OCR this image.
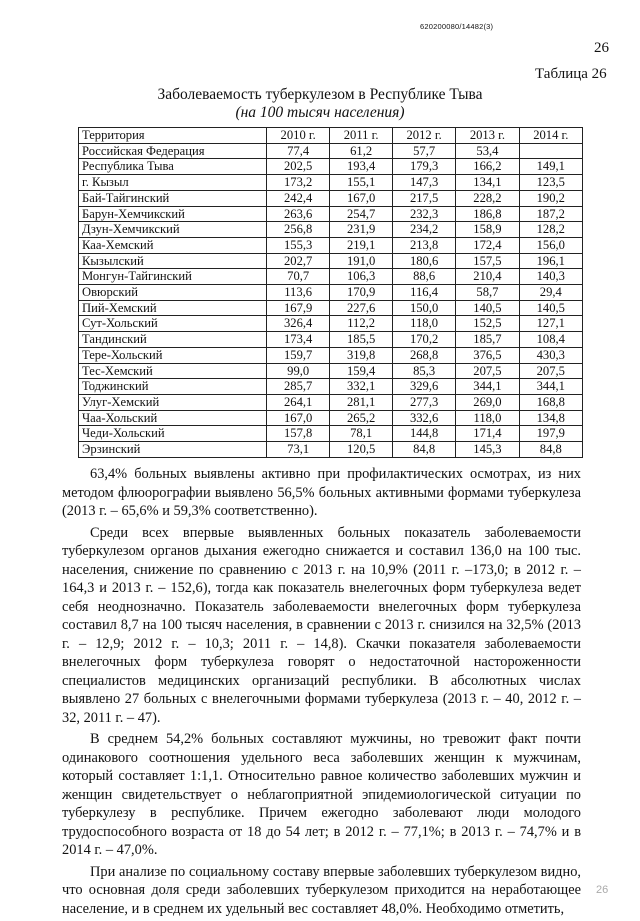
620200080/14482(3)
26
Таблица 26
Заболеваемость туберкулезом в Республике Тыва
(на 100 тысяч населения)
Территория	2010 г.	2011 г.	2012 г.	2013 г.	2014 г.
Российская Федерация	77,4	61,2	57,7	53,4	
Республика Тыва	202,5	193,4	179,3	166,2	149,1
г. Кызыл	173,2	155,1	147,3	134,1	123,5
Бай-Тайгинский	242,4	167,0	217,5	228,2	190,2
Барун-Хемчикский	263,6	254,7	232,3	186,8	187,2
Дзун-Хемчикский	256,8	231,9	234,2	158,9	128,2
Каа-Хемский	155,3	219,1	213,8	172,4	156,0
Кызылский	202,7	191,0	180,6	157,5	196,1
Монгун-Тайгинский	70,7	106,3	88,6	210,4	140,3
Овюрский	113,6	170,9	116,4	58,7	29,4
Пий-Хемский	167,9	227,6	150,0	140,5	140,5
Сут-Хольский	326,4	112,2	118,0	152,5	127,1
Тандинский	173,4	185,5	170,2	185,7	108,4
Тере-Хольский	159,7	319,8	268,8	376,5	430,3
Тес-Хемский	99,0	159,4	85,3	207,5	207,5
Тоджинский	285,7	332,1	329,6	344,1	344,1
Улуг-Хемский	264,1	281,1	277,3	269,0	168,8
Чаа-Хольский	167,0	265,2	332,6	118,0	134,8
Чеди-Хольский	157,8	78,1	144,8	171,4	197,9
Эрзинский	73,1	120,5	84,8	145,3	84,8

63,4% больных выявлены активно при профилактических осмотрах, из них методом флюорографии выявлено 56,5% больных активными формами туберкулеза (2013 г. – 65,6% и 59,3% соответственно).

Среди всех впервые выявленных больных показатель заболеваемости туберкулезом органов дыхания ежегодно снижается и составил 136,0 на 100 тыс. населения, снижение по сравнению с 2013 г. на 10,9% (2011 г. –173,0; в 2012 г. – 164,3 и 2013 г. – 152,6), тогда как показатель внелегочных форм туберкулеза ведет себя неоднозначно. Показатель заболеваемости внелегочных форм туберкулеза составил 8,7 на 100 тысяч населения, в сравнении с 2013 г. снизился на 32,5% (2013 г. – 12,9; 2012 г. – 10,3; 2011 г. – 14,8). Скачки показателя заболеваемости внелегочных форм туберкулеза говорят о недостаточной настороженности специалистов медицинских организаций республики. В абсолютных числах выявлено 27 больных с внелегочными формами туберкулеза (2013 г. – 40, 2012 г. – 32, 2011 г. – 47).

В среднем 54,2% больных составляют мужчины, но тревожит факт почти одинакового соотношения удельного веса заболевших женщин к мужчинам, который составляет 1:1,1. Относительно равное количество заболевших мужчин и женщин свидетельствует о неблагоприятной эпидемиологической ситуации по туберкулезу в республике. Причем ежегодно заболевают люди молодого трудоспособного возраста от 18 до 54 лет; в 2012 г. – 77,1%; в 2013 г. – 74,7% и в 2014 г. – 47,0%.

При анализе по социальному составу впервые заболевших туберкулезом видно, что основная доля среди заболевших туберкулезом приходится на неработающее население, и в среднем их удельный вес составляет 48,0%. Необходимо отметить,

26
